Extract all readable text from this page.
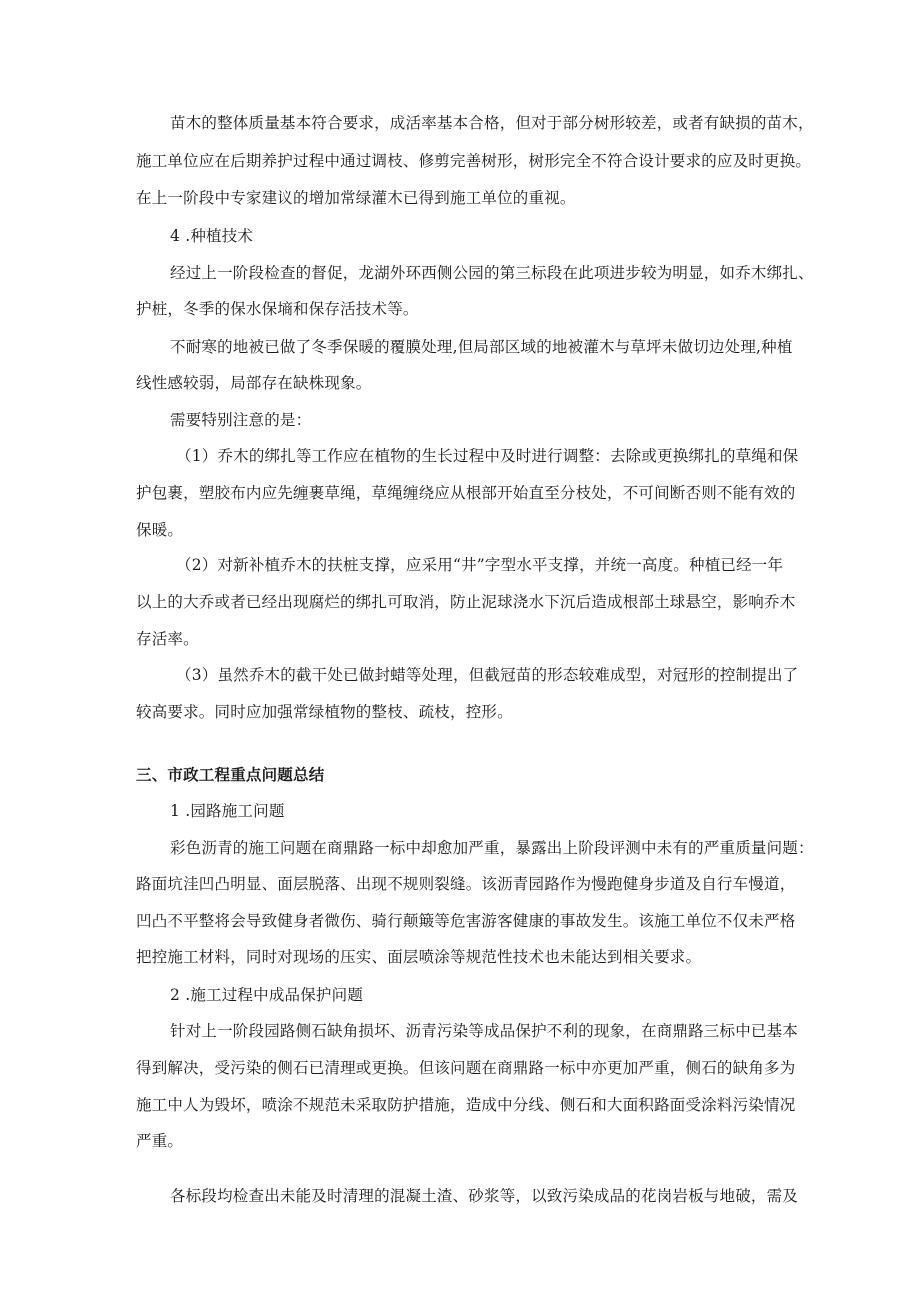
苗木的整体质量基本符合要求，成活率基本合格，但对于部分树形较差，或者有缺损的苗木，
施工单位应在后期养护过程中通过调枝、修剪完善树形，树形完全不符合设计要求的应及时更换。
在上一阶段中专家建议的增加常绿灌木已得到施工单位的重视。
4 .种植技术
经过上一阶段检查的督促，龙湖外环西侧公园的第三标段在此项进步较为明显，如乔木绑扎、
护桩，冬季的保水保墒和保存活技术等。
不耐寒的地被已做了冬季保暖的覆膜处理,但局部区域的地被灌木与草坪未做切边处理,种植
线性感较弱，局部存在缺株现象。
需要特别注意的是：
（1）乔木的绑扎等工作应在植物的生长过程中及时进行调整：去除或更换绑扎的草绳和保
护包裹，塑胶布内应先缠裹草绳，草绳缠绕应从根部开始直至分枝处，不可间断否则不能有效的
保暖。
（2）对新补植乔木的扶桩支撑，应采用“井”字型水平支撑，并统一高度。种植已经一年
以上的大乔或者已经出现腐烂的绑扎可取消，防止泥球浇水下沉后造成根部土球悬空，影响乔木
存活率。
（3）虽然乔木的截干处已做封蜡等处理，但截冠苗的形态较难成型，对冠形的控制提出了
较高要求。同时应加强常绿植物的整枝、疏枝，控形。
三、市政工程重点问题总结
1 .园路施工问题
彩色沥青的施工问题在商鼎路一标中却愈加严重，暴露出上阶段评测中未有的严重质量问题：
路面坑洼凹凸明显、面层脱落、出现不规则裂缝。该沥青园路作为慢跑健身步道及自行车慢道，
凹凸不平整将会导致健身者微伤、骑行颠簸等危害游客健康的事故发生。该施工单位不仅未严格
把控施工材料，同时对现场的压实、面层喷涂等规范性技术也未能达到相关要求。
2 .施工过程中成品保护问题
针对上一阶段园路侧石缺角损坏、沥青污染等成品保护不利的现象，在商鼎路三标中已基本
得到解决，受污染的侧石已清理或更换。但该问题在商鼎路一标中亦更加严重，侧石的缺角多为
施工中人为毁坏，喷涂不规范未采取防护措施，造成中分线、侧石和大面积路面受涂料污染情况
严重。
各标段均检查出未能及时清理的混凝土渣、砂浆等，以致污染成品的花岗岩板与地破，需及
